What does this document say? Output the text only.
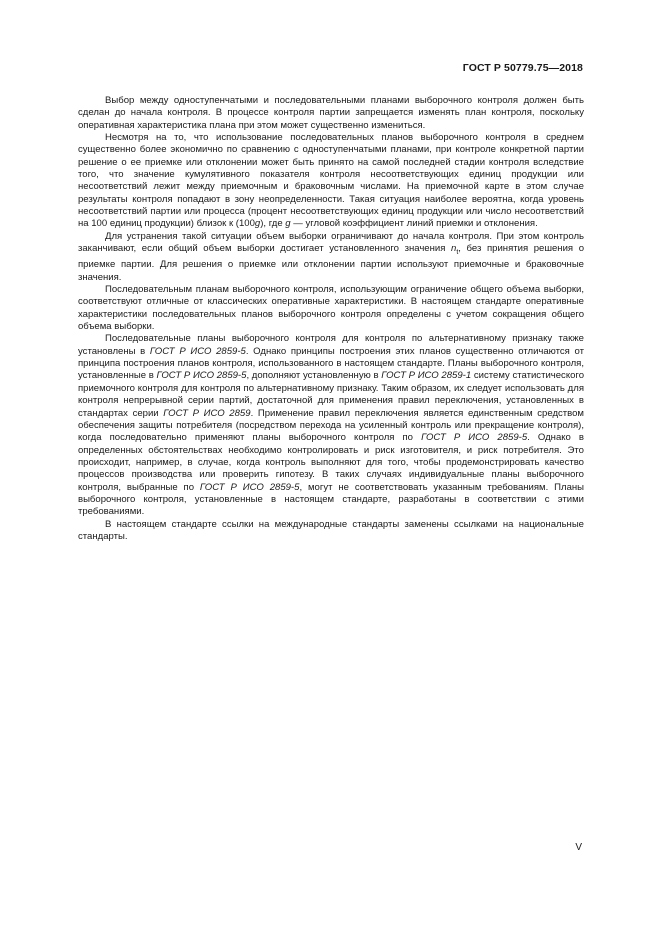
ГОСТ Р 50779.75—2018

Выбор между одноступенчатыми и последовательными планами выборочного контроля должен быть сделан до начала контроля. В процессе контроля партии запрещается изменять план контроля, поскольку оперативная характеристика плана при этом может существенно измениться.

Несмотря на то, что использование последовательных планов выборочного контроля в среднем существенно более экономично по сравнению с одноступенчатыми планами, при контроле конкретной партии решение о ее приемке или отклонении может быть принято на самой последней стадии контроля вследствие того, что значение кумулятивного показателя контроля несоответствующих единиц продукции или несоответствий лежит между приемочным и браковочным числами. На приемочной карте в этом случае результаты контроля попадают в зону неопределенности. Такая ситуация наиболее вероятна, когда уровень несоответствий партии или процесса (процент несоответствующих единиц продукции или число несоответствий на 100 единиц продукции) близок к (100g), где g — угловой коэффициент линий приемки и отклонения.

Для устранения такой ситуации объем выборки ограничивают до начала контроля. При этом контроль заканчивают, если общий объем выборки достигает установленного значения $n_t$, без принятия решения о приемке партии. Для решения о приемке или отклонении партии используют приемочные и браковочные значения.

Последовательным планам выборочного контроля, использующим ограничение общего объема выборки, соответствуют отличные от классических оперативные характеристики. В настоящем стандарте оперативные характеристики последовательных планов выборочного контроля определены с учетом сокращения общего объема выборки.

Последовательные планы выборочного контроля для контроля по альтернативному признаку также установлены в ГОСТ Р ИСО 2859-5. Однако принципы построения этих планов существенно отличаются от принципа построения планов контроля, использованного в настоящем стандарте. Планы выборочного контроля, установленные в ГОСТ Р ИСО 2859-5, дополняют установленную в ГОСТ Р ИСО 2859-1 систему статистического приемочного контроля для контроля по альтернативному признаку. Таким образом, их следует использовать для контроля непрерывной серии партий, достаточной для применения правил переключения, установленных в стандартах серии ГОСТ Р ИСО 2859. Применение правил переключения является единственным средством обеспечения защиты потребителя (посредством перехода на усиленный контроль или прекращение контроля), когда последовательно применяют планы выборочного контроля по ГОСТ Р ИСО 2859-5. Однако в определенных обстоятельствах необходимо контролировать и риск изготовителя, и риск потребителя. Это происходит, например, в случае, когда контроль выполняют для того, чтобы продемонстрировать качество процессов производства или проверить гипотезу. В таких случаях индивидуальные планы выборочного контроля, выбранные по ГОСТ Р ИСО 2859-5, могут не соответствовать указанным требованиям. Планы выборочного контроля, установленные в настоящем стандарте, разработаны в соответствии с этими требованиями.

В настоящем стандарте ссылки на международные стандарты заменены ссылками на национальные стандарты.

V
